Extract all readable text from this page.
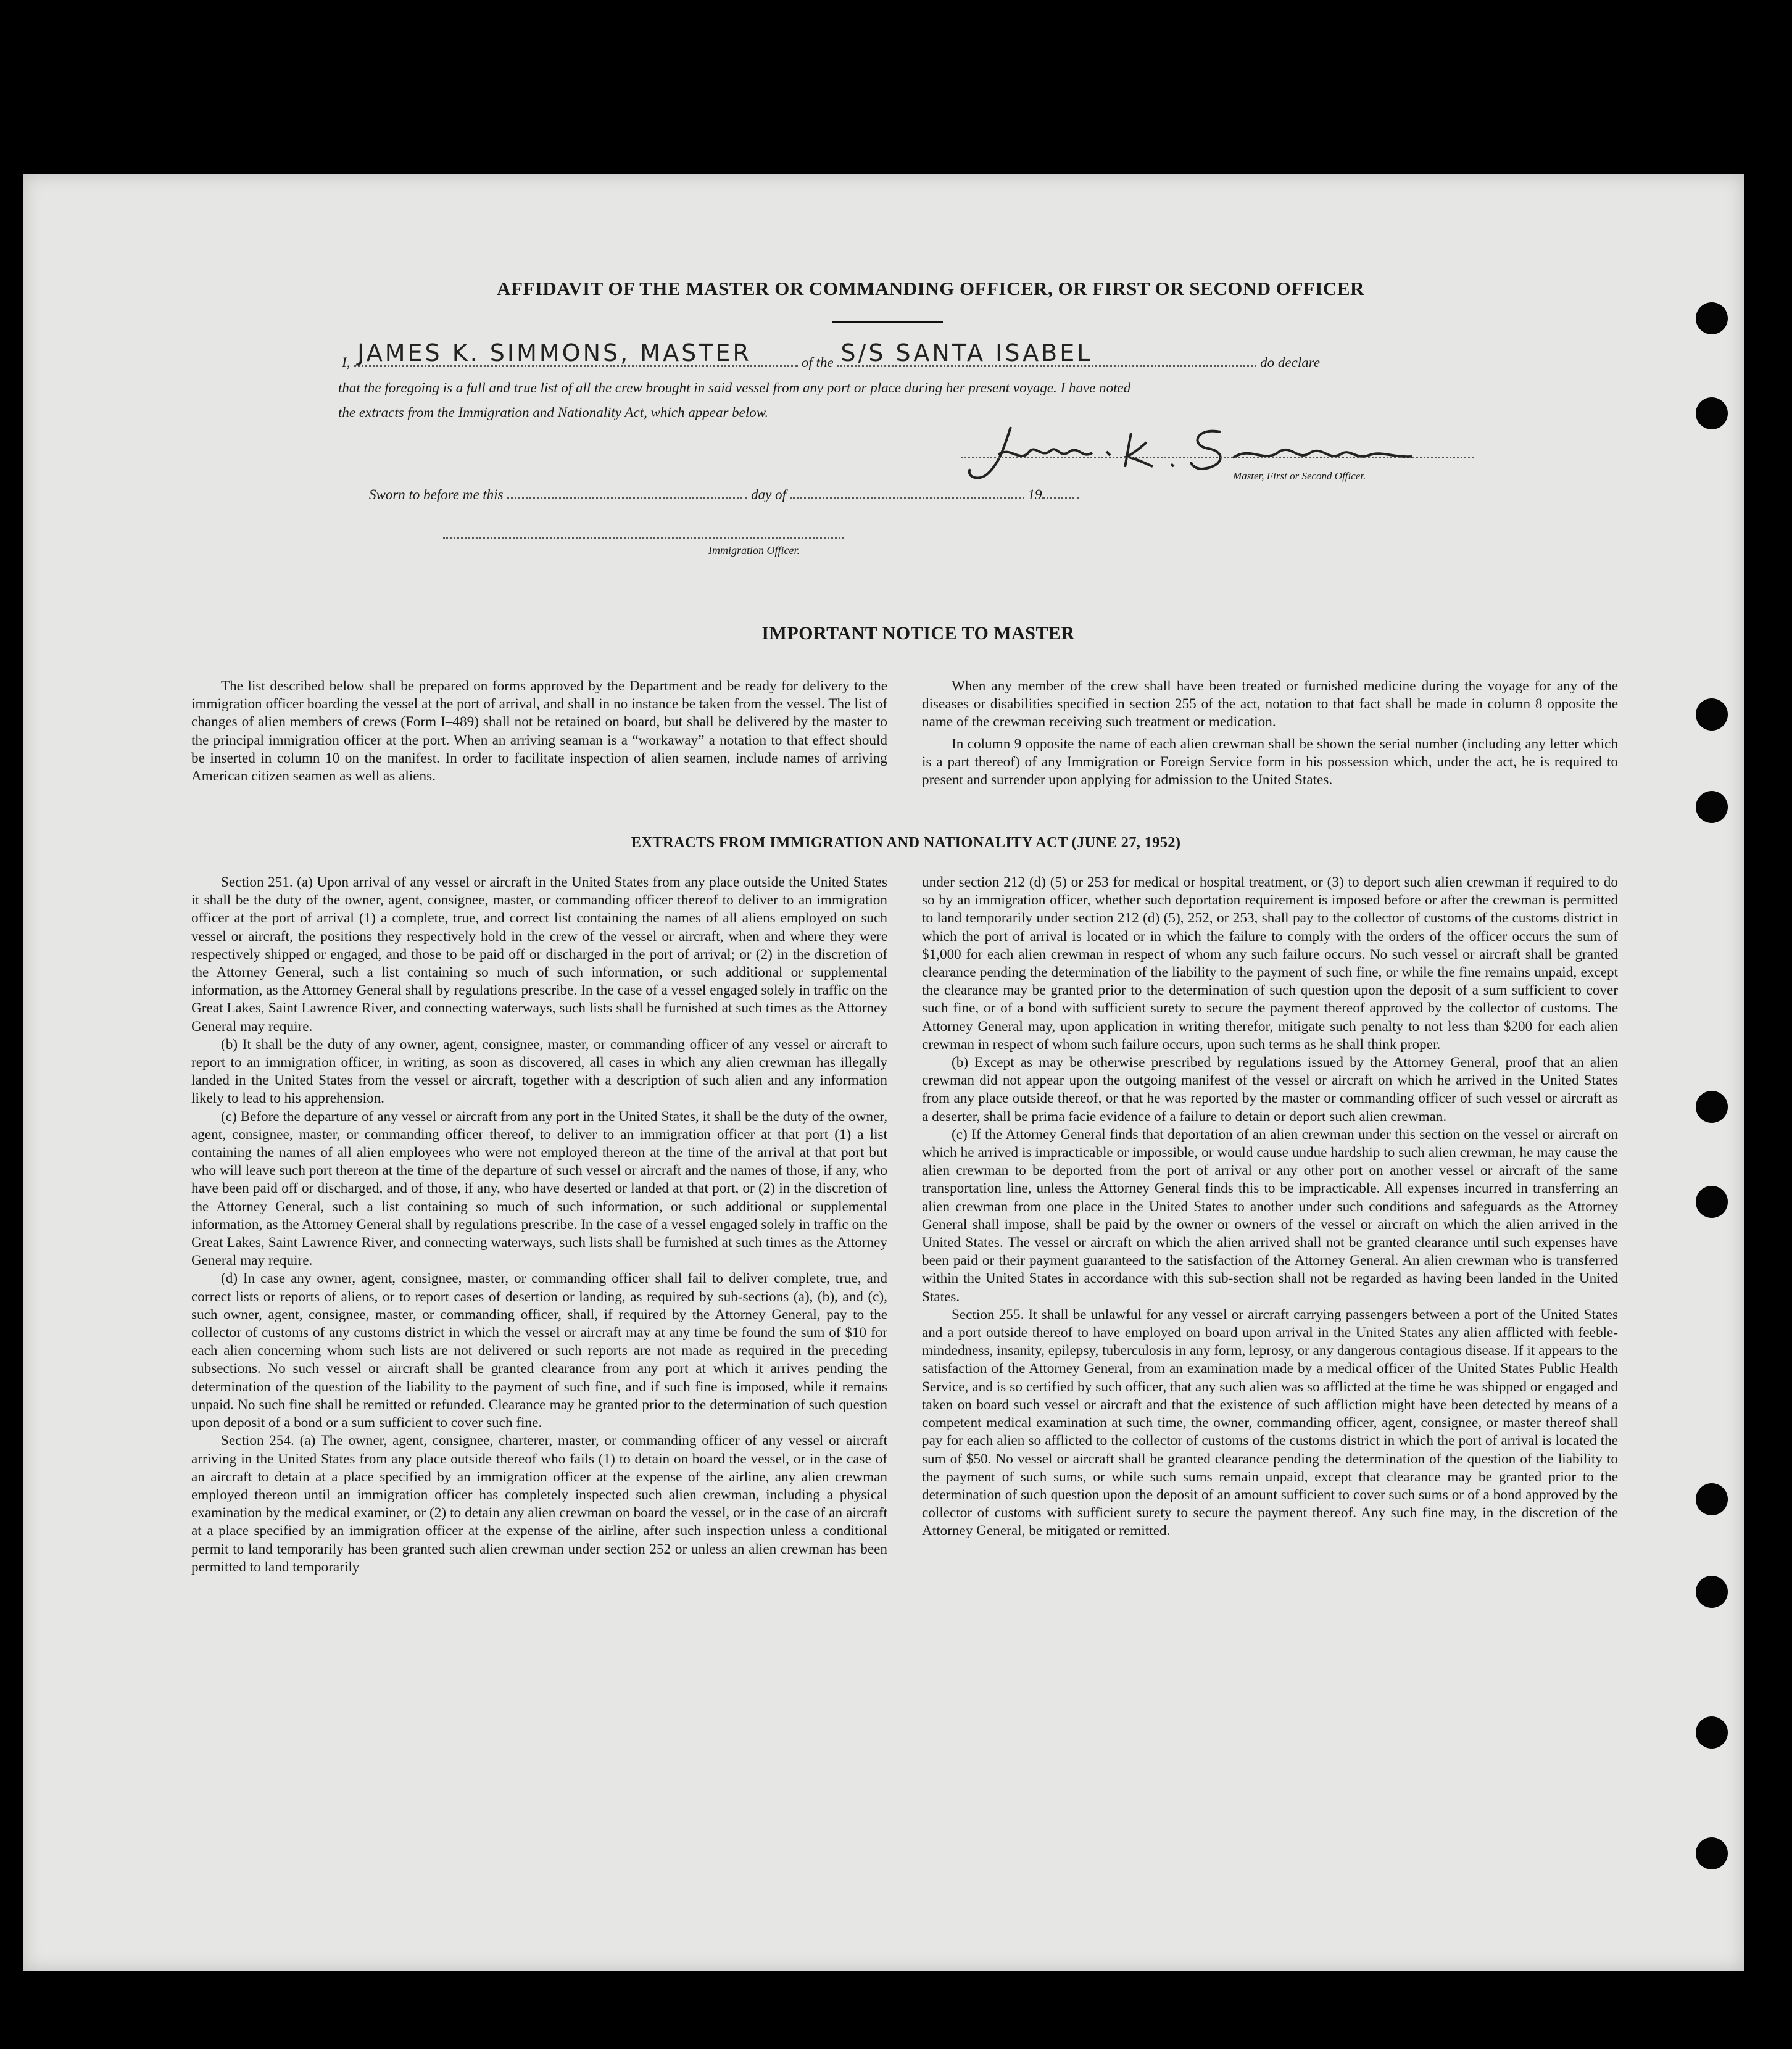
AFFIDAVIT OF THE MASTER OR COMMANDING OFFICER, OR FIRST OR SECOND OFFICER
I, JAMES K. SIMMONS, MASTER	of the S/S SANTA ISABEL	do declare
that the foregoing is a full and true list of all the crew brought in said vessel from any port or place during her present voyage. I have noted
the extracts from the Immigration and Nationality Act, which appear below.
Master, First or Second Officer.
Sworn to before me this	day of	19
Immigration Officer.
IMPORTANT NOTICE TO MASTER

The list described below shall be prepared on forms approved by the Department and be ready for delivery to the immigration officer boarding the vessel at the port of arrival, and shall in no instance be taken from the vessel. The list of changes of alien members of crews (Form I–489) shall not be retained on board, but shall be delivered by the master to the principal immigration officer at the port. When an arriving seaman is a “workaway” a notation to that effect should be inserted in column 10 on the manifest. In order to facilitate inspection of alien seamen, include names of arriving American citizen seamen as well as aliens.

When any member of the crew shall have been treated or furnished medicine during the voyage for any of the diseases or disabilities specified in section 255 of the act, notation to that fact shall be made in column 8 opposite the name of the crewman receiving such treatment or medication.

In column 9 opposite the name of each alien crewman shall be shown the serial number (including any letter which is a part thereof) of any Immigration or Foreign Service form in his possession which, under the act, he is required to present and surrender upon applying for admission to the United States.

EXTRACTS FROM IMMIGRATION AND NATIONALITY ACT (JUNE 27, 1952)

Section 251. (a) Upon arrival of any vessel or aircraft in the United States from any place outside the United States it shall be the duty of the owner, agent, consignee, master, or commanding officer thereof to deliver to an immigration officer at the port of arrival (1) a complete, true, and correct list containing the names of all aliens employed on such vessel or aircraft, the positions they respectively hold in the crew of the vessel or aircraft, when and where they were respectively shipped or engaged, and those to be paid off or discharged in the port of arrival; or (2) in the discretion of the Attorney General, such a list containing so much of such information, or such additional or supplemental information, as the Attorney General shall by regulations prescribe. In the case of a vessel engaged solely in traffic on the Great Lakes, Saint Lawrence River, and connecting waterways, such lists shall be furnished at such times as the Attorney General may require.

(b) It shall be the duty of any owner, agent, consignee, master, or commanding officer of any vessel or aircraft to report to an immigration officer, in writing, as soon as discovered, all cases in which any alien crewman has illegally landed in the United States from the vessel or aircraft, together with a description of such alien and any information likely to lead to his apprehension.

(c) Before the departure of any vessel or aircraft from any port in the United States, it shall be the duty of the owner, agent, consignee, master, or commanding officer thereof, to deliver to an immigration officer at that port (1) a list containing the names of all alien employees who were not employed thereon at the time of the arrival at that port but who will leave such port thereon at the time of the departure of such vessel or aircraft and the names of those, if any, who have been paid off or discharged, and of those, if any, who have deserted or landed at that port, or (2) in the discretion of the Attorney General, such a list containing so much of such information, or such additional or supplemental information, as the Attorney General shall by regulations prescribe. In the case of a vessel engaged solely in traffic on the Great Lakes, Saint Lawrence River, and connecting waterways, such lists shall be furnished at such times as the Attorney General may require.

(d) In case any owner, agent, consignee, master, or commanding officer shall fail to deliver complete, true, and correct lists or reports of aliens, or to report cases of desertion or landing, as required by sub-sections (a), (b), and (c), such owner, agent, consignee, master, or commanding officer, shall, if required by the Attorney General, pay to the collector of customs of any customs district in which the vessel or aircraft may at any time be found the sum of $10 for each alien concerning whom such lists are not delivered or such reports are not made as required in the preceding subsections. No such vessel or aircraft shall be granted clearance from any port at which it arrives pending the determination of the question of the liability to the payment of such fine, and if such fine is imposed, while it remains unpaid. No such fine shall be remitted or refunded. Clearance may be granted prior to the determination of such question upon deposit of a bond or a sum sufficient to cover such fine.

Section 254. (a) The owner, agent, consignee, charterer, master, or commanding officer of any vessel or aircraft arriving in the United States from any place outside thereof who fails (1) to detain on board the vessel, or in the case of an aircraft to detain at a place specified by an immigration officer at the expense of the airline, any alien crewman employed thereon until an immigration officer has completely inspected such alien crewman, including a physical examination by the medical examiner, or (2) to detain any alien crewman on board the vessel, or in the case of an aircraft at a place specified by an immigration officer at the expense of the airline, after such inspection unless a conditional permit to land temporarily has been granted such alien crewman under section 252 or unless an alien crewman has been permitted to land temporarily

under section 212 (d) (5) or 253 for medical or hospital treatment, or (3) to deport such alien crewman if required to do so by an immigration officer, whether such deportation requirement is imposed before or after the crewman is permitted to land temporarily under section 212 (d) (5), 252, or 253, shall pay to the collector of customs of the customs district in which the port of arrival is located or in which the failure to comply with the orders of the officer occurs the sum of $1,000 for each alien crewman in respect of whom any such failure occurs. No such vessel or aircraft shall be granted clearance pending the determination of the liability to the payment of such fine, or while the fine remains unpaid, except the clearance may be granted prior to the determination of such question upon the deposit of a sum sufficient to cover such fine, or of a bond with sufficient surety to secure the payment thereof approved by the collector of customs. The Attorney General may, upon application in writing therefor, mitigate such penalty to not less than $200 for each alien crewman in respect of whom such failure occurs, upon such terms as he shall think proper.

(b) Except as may be otherwise prescribed by regulations issued by the Attorney General, proof that an alien crewman did not appear upon the outgoing manifest of the vessel or aircraft on which he arrived in the United States from any place outside thereof, or that he was reported by the master or commanding officer of such vessel or aircraft as a deserter, shall be prima facie evidence of a failure to detain or deport such alien crewman.

(c) If the Attorney General finds that deportation of an alien crewman under this section on the vessel or aircraft on which he arrived is impracticable or impossible, or would cause undue hardship to such alien crewman, he may cause the alien crewman to be deported from the port of arrival or any other port on another vessel or aircraft of the same transportation line, unless the Attorney General finds this to be impracticable. All expenses incurred in transferring an alien crewman from one place in the United States to another under such conditions and safeguards as the Attorney General shall impose, shall be paid by the owner or owners of the vessel or aircraft on which the alien arrived in the United States. The vessel or aircraft on which the alien arrived shall not be granted clearance until such expenses have been paid or their payment guaranteed to the satisfaction of the Attorney General. An alien crewman who is transferred within the United States in accordance with this sub-section shall not be regarded as having been landed in the United States.

Section 255. It shall be unlawful for any vessel or aircraft carrying passengers between a port of the United States and a port outside thereof to have employed on board upon arrival in the United States any alien afflicted with feeble-mindedness, insanity, epilepsy, tuberculosis in any form, leprosy, or any dangerous contagious disease. If it appears to the satisfaction of the Attorney General, from an examination made by a medical officer of the United States Public Health Service, and is so certified by such officer, that any such alien was so afflicted at the time he was shipped or engaged and taken on board such vessel or aircraft and that the existence of such affliction might have been detected by means of a competent medical examination at such time, the owner, commanding officer, agent, consignee, or master thereof shall pay for each alien so afflicted to the collector of customs of the customs district in which the port of arrival is located the sum of $50. No vessel or aircraft shall be granted clearance pending the determination of the question of the liability to the payment of such sums, or while such sums remain unpaid, except that clearance may be granted prior to the determination of such question upon the deposit of an amount sufficient to cover such sums or of a bond approved by the collector of customs with sufficient surety to secure the payment thereof. Any such fine may, in the discretion of the Attorney General, be mitigated or remitted.
